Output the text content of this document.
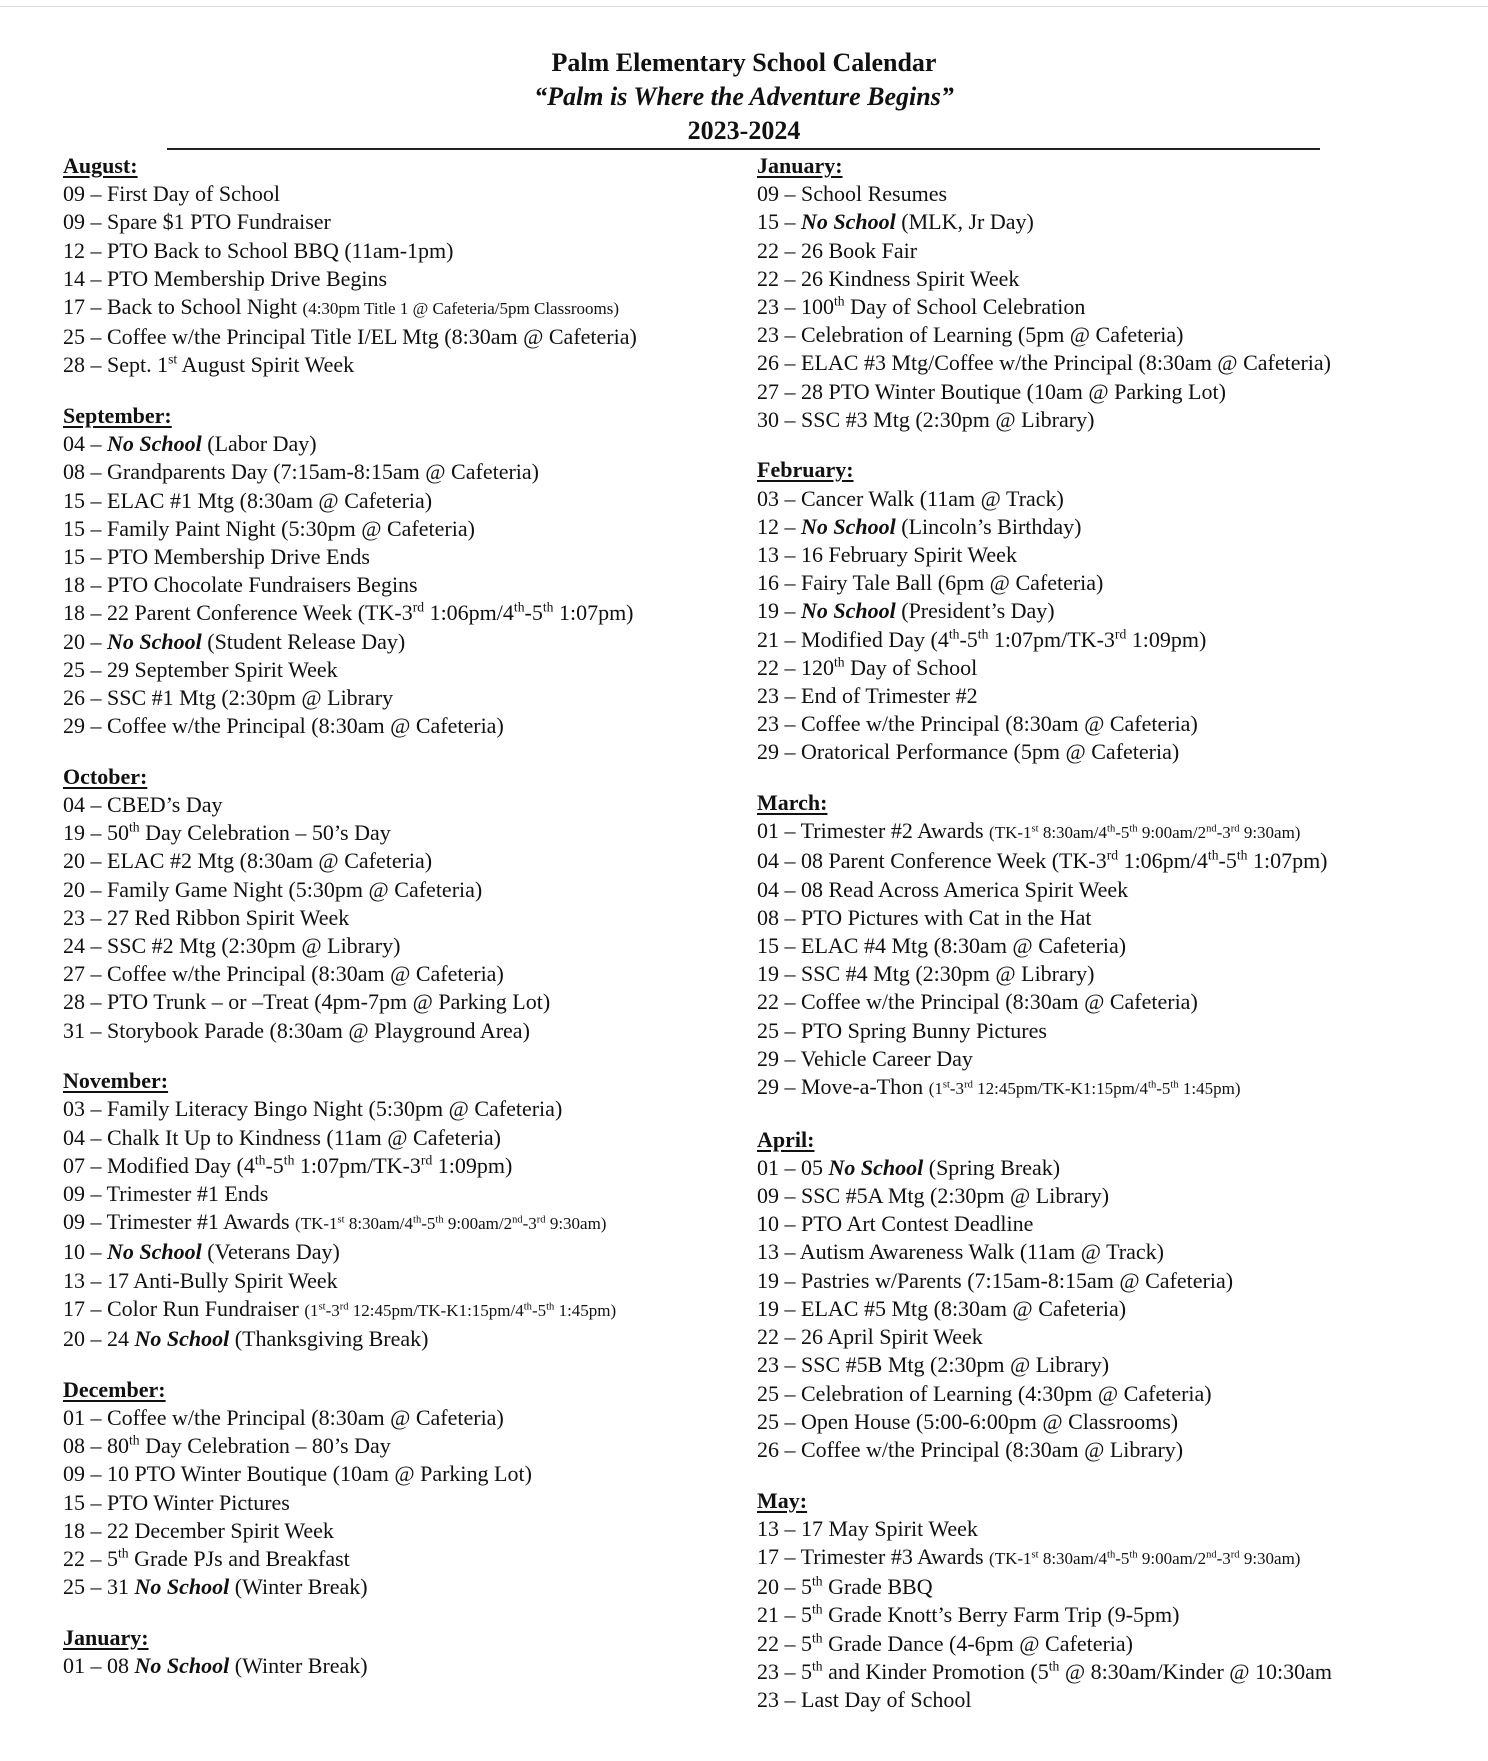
Palm Elementary School Calendar
“Palm is Where the Adventure Begins”
2023-2024
August:
09 – First Day of School
09 – Spare $1 PTO Fundraiser
12 – PTO Back to School BBQ (11am-1pm)
14 – PTO Membership Drive Begins
17 – Back to School Night (4:30pm Title 1 @ Cafeteria/5pm Classrooms)
25 – Coffee w/the Principal Title I/EL Mtg (8:30am @ Cafeteria)
28 – Sept. 1st August Spirit Week
September:
04 – No School (Labor Day)
08 – Grandparents Day (7:15am-8:15am @ Cafeteria)
15 – ELAC #1 Mtg (8:30am @ Cafeteria)
15 – Family Paint Night (5:30pm @ Cafeteria)
15 – PTO Membership Drive Ends
18 – PTO Chocolate Fundraisers Begins
18 – 22 Parent Conference Week (TK-3rd 1:06pm/4th-5th 1:07pm)
20 – No School (Student Release Day)
25 – 29 September Spirit Week
26 – SSC #1 Mtg (2:30pm @ Library
29 – Coffee w/the Principal (8:30am @ Cafeteria)
October:
04 – CBED’s Day
19 – 50th Day Celebration – 50’s Day
20 – ELAC #2 Mtg (8:30am @ Cafeteria)
20 – Family Game Night (5:30pm @ Cafeteria)
23 – 27 Red Ribbon Spirit Week
24 – SSC #2 Mtg (2:30pm @ Library)
27 – Coffee w/the Principal (8:30am @ Cafeteria)
28 – PTO Trunk – or –Treat (4pm-7pm @ Parking Lot)
31 – Storybook Parade (8:30am @ Playground Area)
November:
03 – Family Literacy Bingo Night (5:30pm @ Cafeteria)
04 – Chalk It Up to Kindness (11am @ Cafeteria)
07 – Modified Day (4th-5th 1:07pm/TK-3rd 1:09pm)
09 – Trimester #1 Ends
09 – Trimester #1 Awards (TK-1st 8:30am/4th-5th 9:00am/2nd-3rd 9:30am)
10 – No School (Veterans Day)
13 – 17 Anti-Bully Spirit Week
17 – Color Run Fundraiser (1st-3rd 12:45pm/TK-K1:15pm/4th-5th 1:45pm)
20 – 24 No School (Thanksgiving Break)
December:
01 – Coffee w/the Principal (8:30am @ Cafeteria)
08 – 80th Day Celebration – 80’s Day
09 – 10 PTO Winter Boutique (10am @ Parking Lot)
15 – PTO Winter Pictures
18 – 22 December Spirit Week
22 – 5th Grade PJs and Breakfast
25 – 31 No School (Winter Break)
January:
01 – 08 No School (Winter Break)
January:
09 – School Resumes
15 – No School (MLK, Jr Day)
22 – 26 Book Fair
22 – 26 Kindness Spirit Week
23 – 100th Day of School Celebration
23 – Celebration of Learning (5pm @ Cafeteria)
26 – ELAC #3 Mtg/Coffee w/the Principal (8:30am @ Cafeteria)
27 – 28 PTO Winter Boutique (10am @ Parking Lot)
30 – SSC #3 Mtg (2:30pm @ Library)
February:
03 – Cancer Walk (11am @ Track)
12 – No School (Lincoln’s Birthday)
13 – 16 February Spirit Week
16 – Fairy Tale Ball (6pm @ Cafeteria)
19 – No School (President’s Day)
21 – Modified Day (4th-5th 1:07pm/TK-3rd 1:09pm)
22 – 120th Day of School
23 – End of Trimester #2
23 – Coffee w/the Principal (8:30am @ Cafeteria)
29 – Oratorical Performance (5pm @ Cafeteria)
March:
01 – Trimester #2 Awards (TK-1st 8:30am/4th-5th 9:00am/2nd-3rd 9:30am)
04 – 08 Parent Conference Week (TK-3rd 1:06pm/4th-5th 1:07pm)
04 – 08 Read Across America Spirit Week
08 – PTO Pictures with Cat in the Hat
15 – ELAC #4 Mtg (8:30am @ Cafeteria)
19 – SSC #4 Mtg (2:30pm @ Library)
22 – Coffee w/the Principal (8:30am @ Cafeteria)
25 – PTO Spring Bunny Pictures
29 – Vehicle Career Day
29 – Move-a-Thon (1st-3rd 12:45pm/TK-K1:15pm/4th-5th 1:45pm)
April:
01 – 05 No School (Spring Break)
09 – SSC #5A Mtg (2:30pm @ Library)
10 – PTO Art Contest Deadline
13 – Autism Awareness Walk (11am @ Track)
19 – Pastries w/Parents (7:15am-8:15am @ Cafeteria)
19 – ELAC #5 Mtg (8:30am @ Cafeteria)
22 – 26 April Spirit Week
23 – SSC #5B Mtg (2:30pm @ Library)
25 – Celebration of Learning (4:30pm @ Cafeteria)
25 – Open House (5:00-6:00pm @ Classrooms)
26 – Coffee w/the Principal (8:30am @ Library)
May:
13 – 17 May Spirit Week
17 – Trimester #3 Awards (TK-1st 8:30am/4th-5th 9:00am/2nd-3rd 9:30am)
20 – 5th Grade BBQ
21 – 5th Grade Knott’s Berry Farm Trip (9-5pm)
22 – 5th Grade Dance (4-6pm @ Cafeteria)
23 – 5th and Kinder Promotion (5th @ 8:30am/Kinder @ 10:30am
23 – Last Day of School
